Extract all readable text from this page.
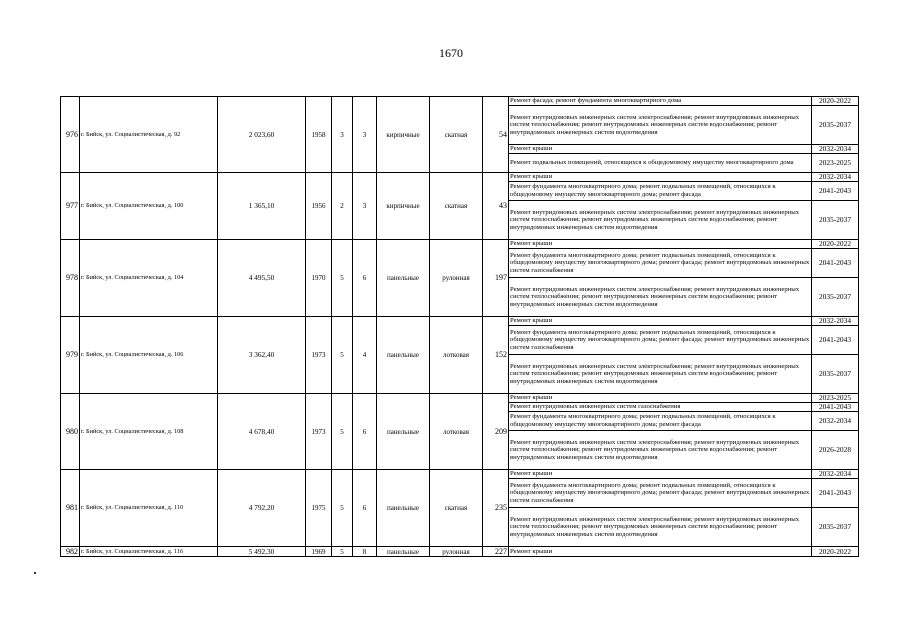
1670
976	г. Бийск, ул. Социалистическая, д. 92	2 023,60	1958	3	3	кирпичные	скатная	54	Ремонт фасада; ремонт фундамента многоквартирного дома	2020-2022
									Ремонт внутридомовых инженерных систем электроснабжения; ремонт внутридомовых инженерных систем теплоснабжения; ремонт внутридомовых инженерных систем водоснабжения; ремонт внутридомовых инженерных систем водоотведения	2035-2037
									Ремонт крыши	2032-2034
									Ремонт подвальных помещений, относящихся к общедомовому имуществу многоквартирного дома	2023-2025
977	г. Бийск, ул. Социалистическая, д. 100	1 365,10	1956	2	3	кирпичные	скатная	43	Ремонт крыши	2032-2034
									Ремонт фундамента многоквартирного дома; ремонт подвальных помещений, относящихся к общедомовому имуществу многоквартирного дома; ремонт фасада	2041-2043
									Ремонт внутридомовых инженерных систем электроснабжения; ремонт внутридомовых инженерных систем теплоснабжения; ремонт внутридомовых инженерных систем водоснабжения; ремонт внутридомовых инженерных систем водоотведения	2035-2037
978	г. Бийск, ул. Социалистическая, д. 104	4 495,50	1970	5	6	панельные	рулонная	197	Ремонт крыши	2020-2022
									Ремонт фундамента многоквартирного дома; ремонт подвальных помещений, относящихся к общедомовому имуществу многоквартирного дома; ремонт фасада; ремонт внутридомовых инженерных систем газоснабжения	2041-2043
									Ремонт внутридомовых инженерных систем электроснабжения; ремонт внутридомовых инженерных систем теплоснабжения; ремонт внутридомовых инженерных систем водоснабжения; ремонт внутридомовых инженерных систем водоотведения	2035-2037
979	г. Бийск, ул. Социалистическая, д. 106	3 362,40	1973	5	4	панельные	лотковая	152	Ремонт крыши	2032-2034
									Ремонт фундамента многоквартирного дома; ремонт подвальных помещений, относящихся к общедомовому имуществу многоквартирного дома; ремонт фасада; ремонт внутридомовых инженерных систем газоснабжения	2041-2043
									Ремонт внутридомовых инженерных систем электроснабжения; ремонт внутридомовых инженерных систем теплоснабжения; ремонт внутридомовых инженерных систем водоснабжения; ремонт внутридомовых инженерных систем водоотведения	2035-2037
980	г. Бийск, ул. Социалистическая, д. 108	4 678,40	1973	5	6	панельные	лотковая	209	Ремонт крыши	2023-2025
									Ремонт внутридомовых инженерных систем газоснабжения	2041-2043
									Ремонт фундамента многоквартирного дома; ремонт подвальных помещений, относящихся к общедомовому имуществу многоквартирного дома; ремонт фасада	2032-2034
									Ремонт внутридомовых инженерных систем электроснабжения; ремонт внутридомовых инженерных систем теплоснабжения; ремонт внутридомовых инженерных систем водоснабжения; ремонт внутридомовых инженерных систем водоотведения	2026-2028
981	г. Бийск, ул. Социалистическая, д. 110	4 792,20	1975	5	6	панельные	скатная	235	Ремонт крыши	2032-2034
									Ремонт фундамента многоквартирного дома; ремонт подвальных помещений, относящихся к общедомовому имуществу многоквартирного дома; ремонт фасада; ремонт внутридомовых инженерных систем газоснабжения	2041-2043
									Ремонт внутридомовых инженерных систем электроснабжения; ремонт внутридомовых инженерных систем теплоснабжения; ремонт внутридомовых инженерных систем водоснабжения; ремонт внутридомовых инженерных систем водоотведения	2035-2037
982	г. Бийск, ул. Социалистическая, д. 116	5 492,30	1969	5	8	панельные	рулонная	227	Ремонт крыши	2020-2022
